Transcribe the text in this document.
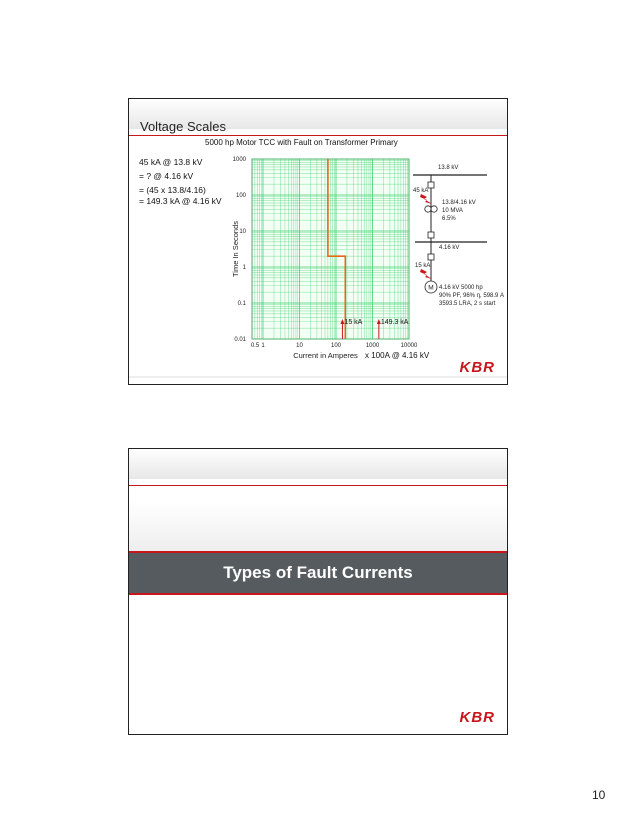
Voltage Scales
5000 hp Motor TCC with Fault on Transformer Primary
45 kA @ 13.8 kV
= ? @ 4.16 kV
= (45 x 13.8/4.16)
= 149.3 kA @ 4.16 kV
1000
100
10
1
0.1
0.01
0.5 1	10	100	1000	10000
Time In Seconds
Current in Amperes x 100A @ 4.16 kV
15 kA	149.3 kA
13.8 kV
45 kA
13.8/4.16 kV
10 MVA
6.5%
4.16 kV
15 kA
M 4.16 kV 5000 hp
90% PF, 96% η, 598.9 A
3593.5 LRA, 2 s start
KBR
Types of Fault Currents
KBR
10
